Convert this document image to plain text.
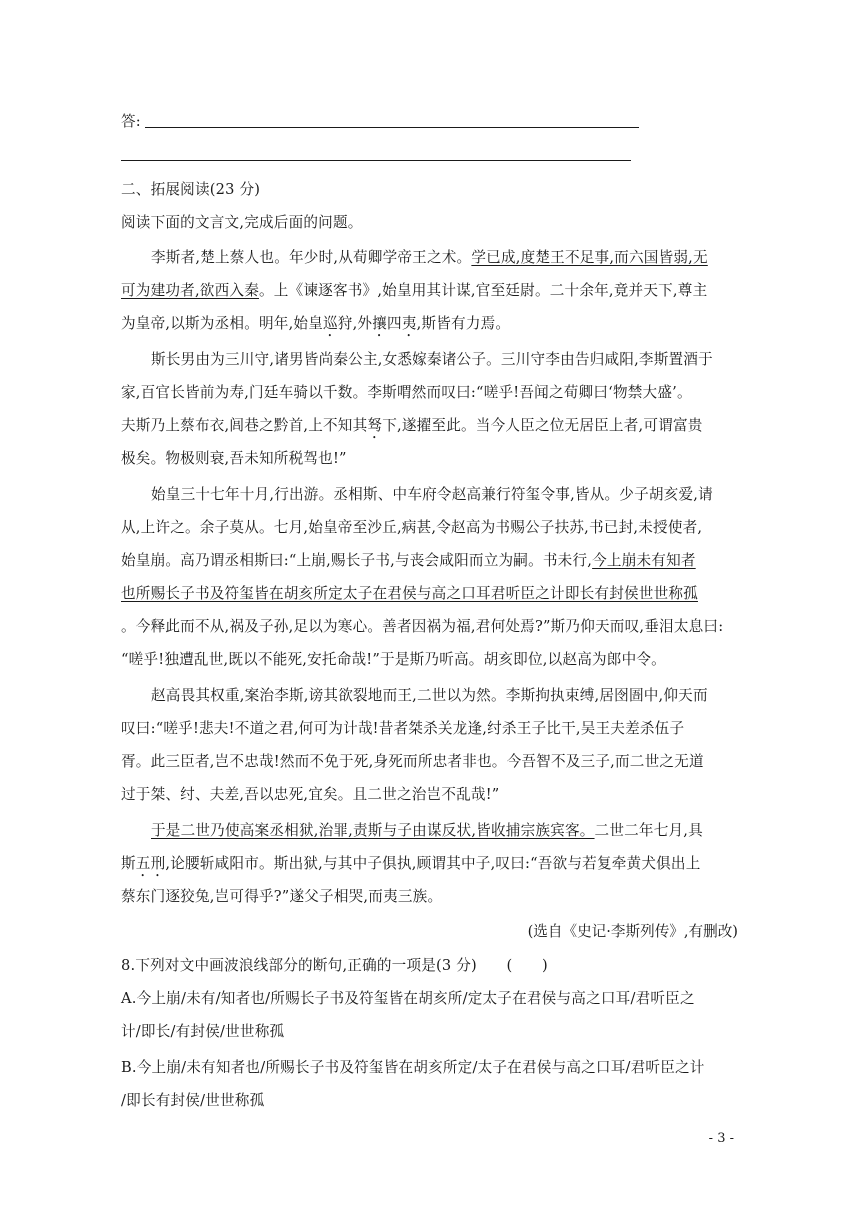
答:
二、拓展阅读(23 分)
阅读下面的文言文,完成后面的问题。
李斯者,楚上蔡人也。年少时,从荀卿学帝王之术。学已成,度楚王不足事,而六国皆弱,无
可为建功者,欲西入秦。上《谏逐客书》,始皇用其计谋,官至廷尉。二十余年,竟并天下,尊主
为皇帝,以斯为丞相。明年,始皇巡狩,外攘四夷,斯皆有力焉。
斯长男由为三川守,诸男皆尚秦公主,女悉嫁秦诸公子。三川守李由告归咸阳,李斯置酒于
家,百官长皆前为寿,门廷车骑以千数。李斯喟然而叹曰:“嗟乎!吾闻之荀卿曰‘物禁大盛’。
夫斯乃上蔡布衣,闾巷之黔首,上不知其驽下,遂擢至此。当今人臣之位无居臣上者,可谓富贵
极矣。物极则衰,吾未知所税驾也!”
始皇三十七年十月,行出游。丞相斯、中车府令赵高兼行符玺令事,皆从。少子胡亥爱,请
从,上许之。余子莫从。七月,始皇帝至沙丘,病甚,令赵高为书赐公子扶苏,书已封,未授使者,
始皇崩。高乃谓丞相斯曰:“上崩,赐长子书,与丧会咸阳而立为嗣。书未行,今上崩未有知者
也所赐长子书及符玺皆在胡亥所定太子在君侯与高之口耳君听臣之计即长有封侯世世称孤
。今释此而不从,祸及子孙,足以为寒心。善者因祸为福,君何处焉?”斯乃仰天而叹,垂泪太息曰:
“嗟乎!独遭乱世,既以不能死,安托命哉!”于是斯乃听高。胡亥即位,以赵高为郎中令。
赵高畏其权重,案治李斯,谤其欲裂地而王,二世以为然。李斯拘执束缚,居囹圄中,仰天而
叹曰:“嗟乎!悲夫!不道之君,何可为计哉!昔者桀杀关龙逢,纣杀王子比干,吴王夫差杀伍子
胥。此三臣者,岂不忠哉!然而不免于死,身死而所忠者非也。今吾智不及三子,而二世之无道
过于桀、纣、夫差,吾以忠死,宜矣。且二世之治岂不乱哉!”
于是二世乃使高案丞相狱,治罪,责斯与子由谋反状,皆收捕宗族宾客。二世二年七月,具
斯五刑,论腰斩咸阳市。斯出狱,与其中子俱执,顾谓其中子,叹曰:“吾欲与若复牵黄犬俱出上
蔡东门逐狡兔,岂可得乎?”遂父子相哭,而夷三族。
(选自《史记·李斯列传》,有删改)
8.下列对文中画波浪线部分的断句,正确的一项是(3 分)　　(　　)
A.今上崩/未有/知者也/所赐长子书及符玺皆在胡亥所/定太子在君侯与高之口耳/君听臣之
计/即长/有封侯/世世称孤
B.今上崩/未有知者也/所赐长子书及符玺皆在胡亥所定/太子在君侯与高之口耳/君听臣之计
/即长有封侯/世世称孤
- 3 -
